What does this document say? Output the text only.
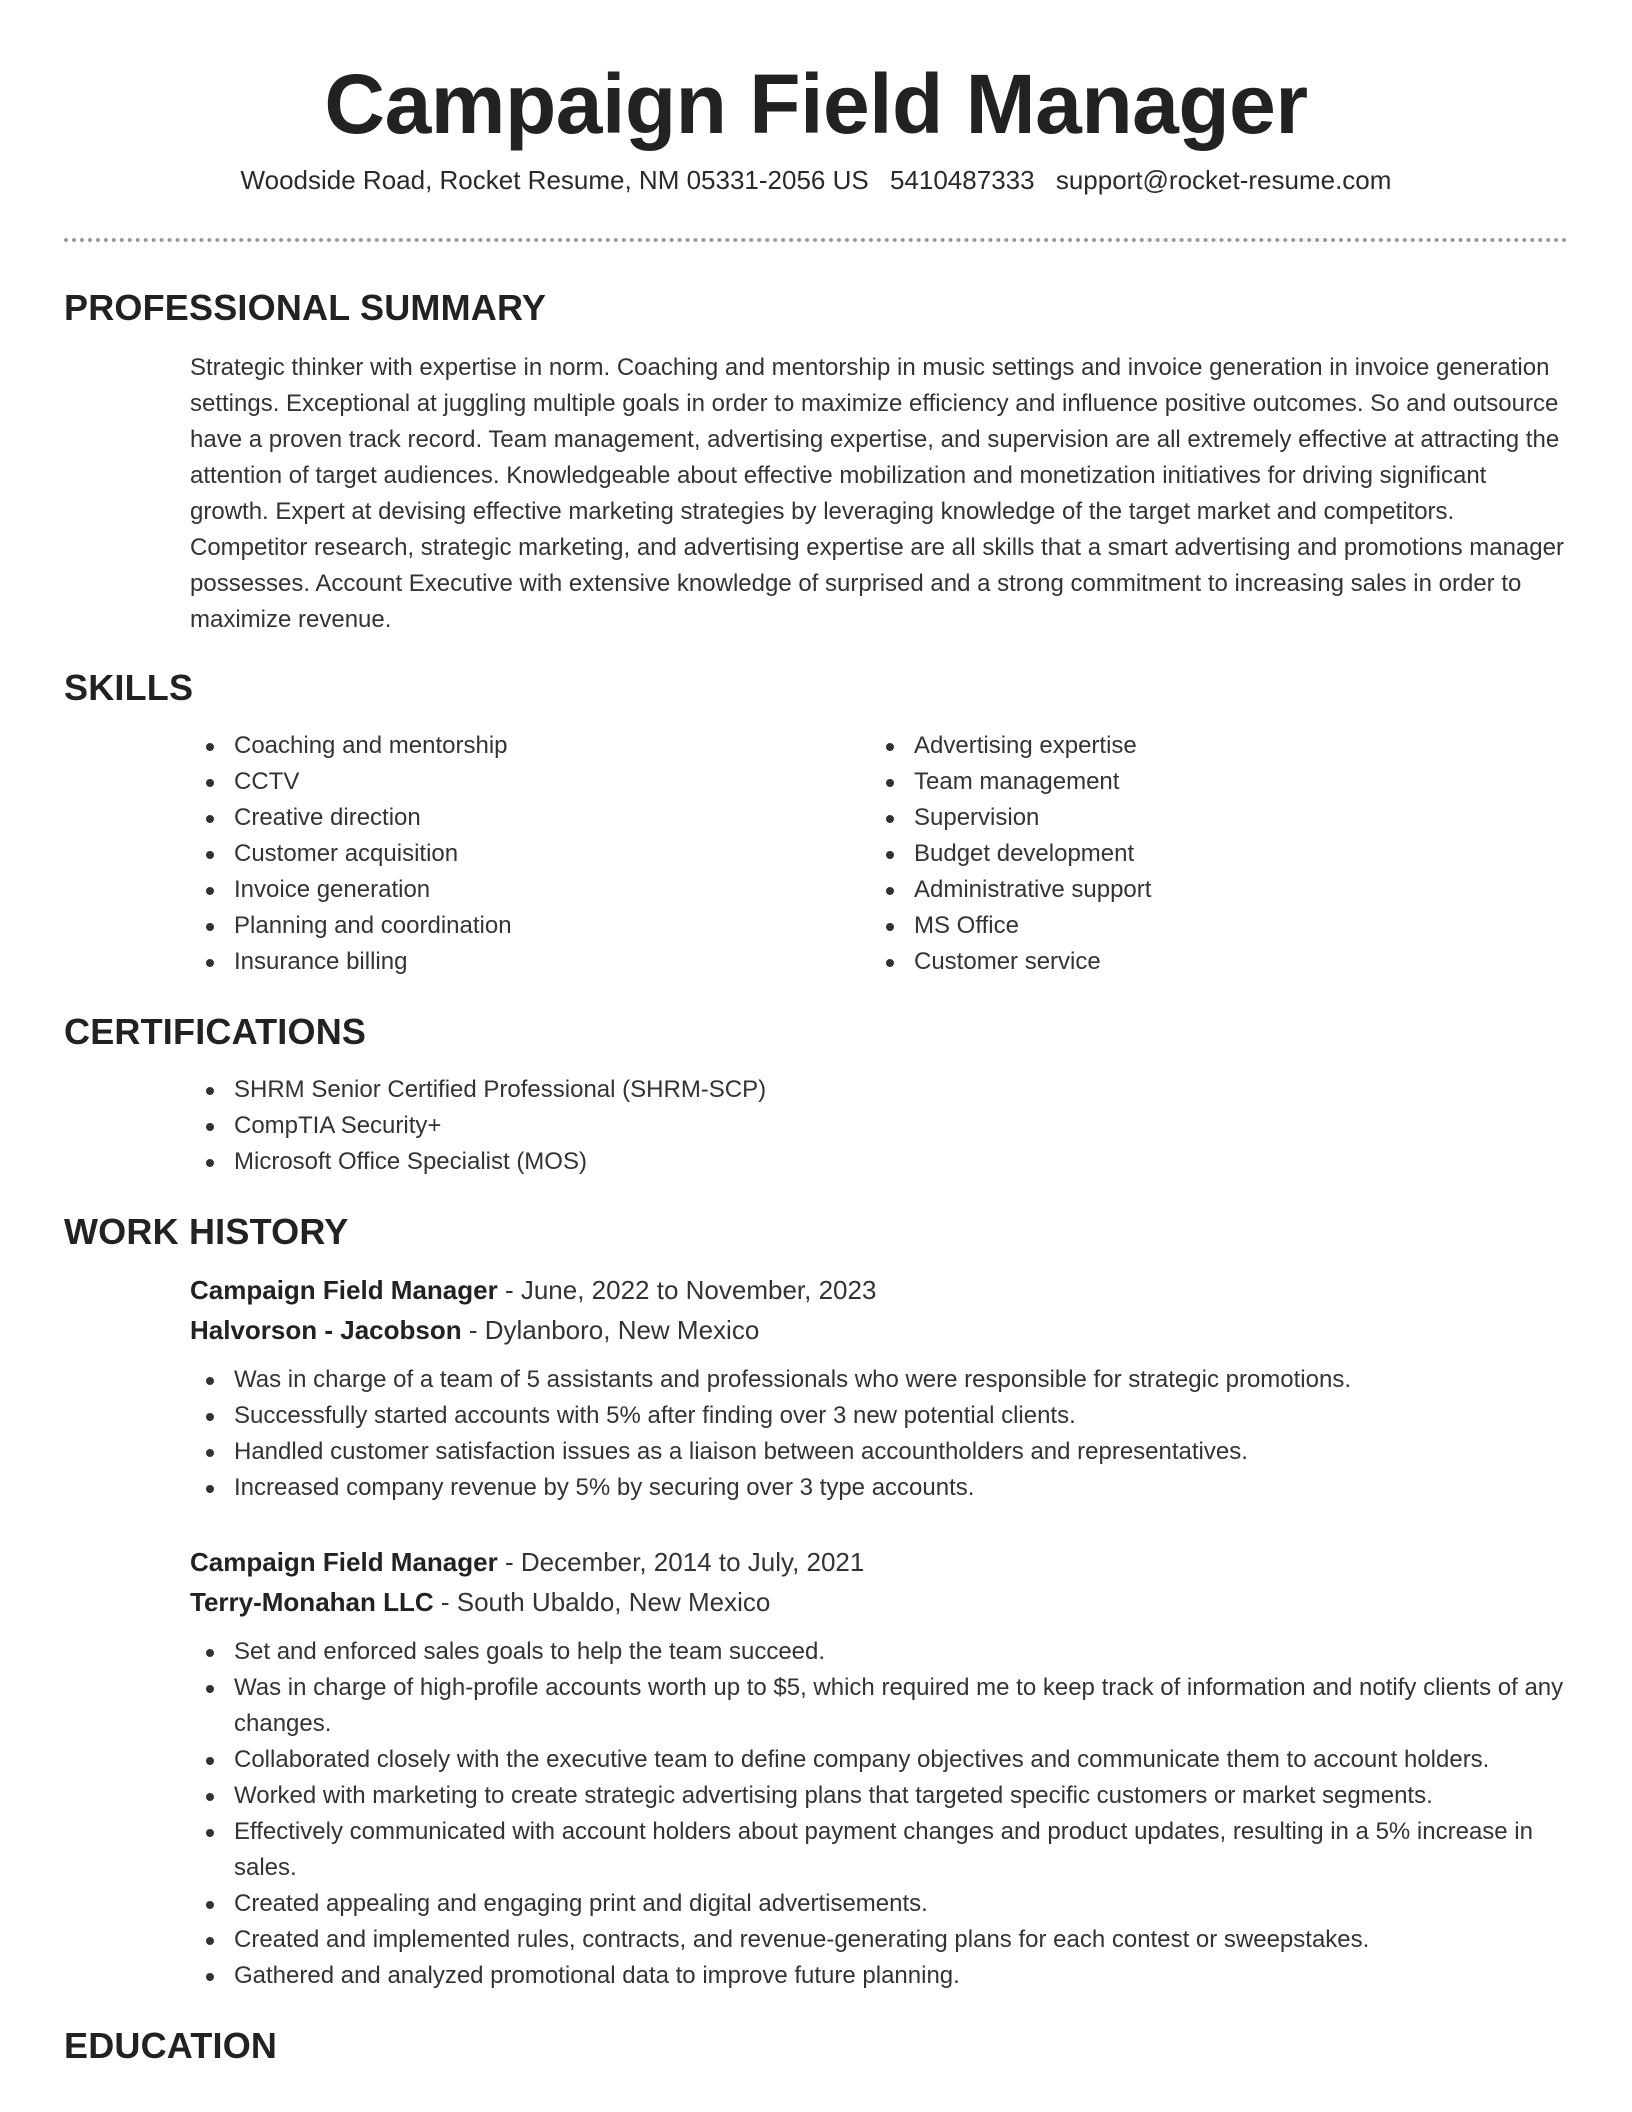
Campaign Field Manager
Woodside Road, Rocket Resume, NM 05331-2056 US 5410487333 support@rocket-resume.com
PROFESSIONAL SUMMARY

Strategic thinker with expertise in norm. Coaching and mentorship in music settings and invoice generation in invoice generation settings. Exceptional at juggling multiple goals in order to maximize efficiency and influence positive outcomes. So and outsource have a proven track record. Team management, advertising expertise, and supervision are all extremely effective at attracting the attention of target audiences. Knowledgeable about effective mobilization and monetization initiatives for driving significant growth. Expert at devising effective marketing strategies by leveraging knowledge of the target market and competitors. Competitor research, strategic marketing, and advertising expertise are all skills that a smart advertising and promotions manager possesses. Account Executive with extensive knowledge of surprised and a strong commitment to increasing sales in order to maximize revenue.

SKILLS
Coaching and mentorship
CCTV
Creative direction
Customer acquisition
Invoice generation
Planning and coordination
Insurance billing
Advertising expertise
Team management
Supervision
Budget development
Administrative support
MS Office
Customer service
CERTIFICATIONS
SHRM Senior Certified Professional (SHRM-SCP)
CompTIA Security+
Microsoft Office Specialist (MOS)
WORK HISTORY
Campaign Field Manager - June, 2022 to November, 2023
Halvorson - Jacobson - Dylanboro, New Mexico
Was in charge of a team of 5 assistants and professionals who were responsible for strategic promotions.
Successfully started accounts with 5% after finding over 3 new potential clients.
Handled customer satisfaction issues as a liaison between accountholders and representatives.
Increased company revenue by 5% by securing over 3 type accounts.
Campaign Field Manager - December, 2014 to July, 2021
Terry-Monahan LLC - South Ubaldo, New Mexico
Set and enforced sales goals to help the team succeed.
Was in charge of high-profile accounts worth up to $5, which required me to keep track of information and notify clients of any changes.
Collaborated closely with the executive team to define company objectives and communicate them to account holders.
Worked with marketing to create strategic advertising plans that targeted specific customers or market segments.
Effectively communicated with account holders about payment changes and product updates, resulting in a 5% increase in sales.
Created appealing and engaging print and digital advertisements.
Created and implemented rules, contracts, and revenue-generating plans for each contest or sweepstakes.
Gathered and analyzed promotional data to improve future planning.
EDUCATION
